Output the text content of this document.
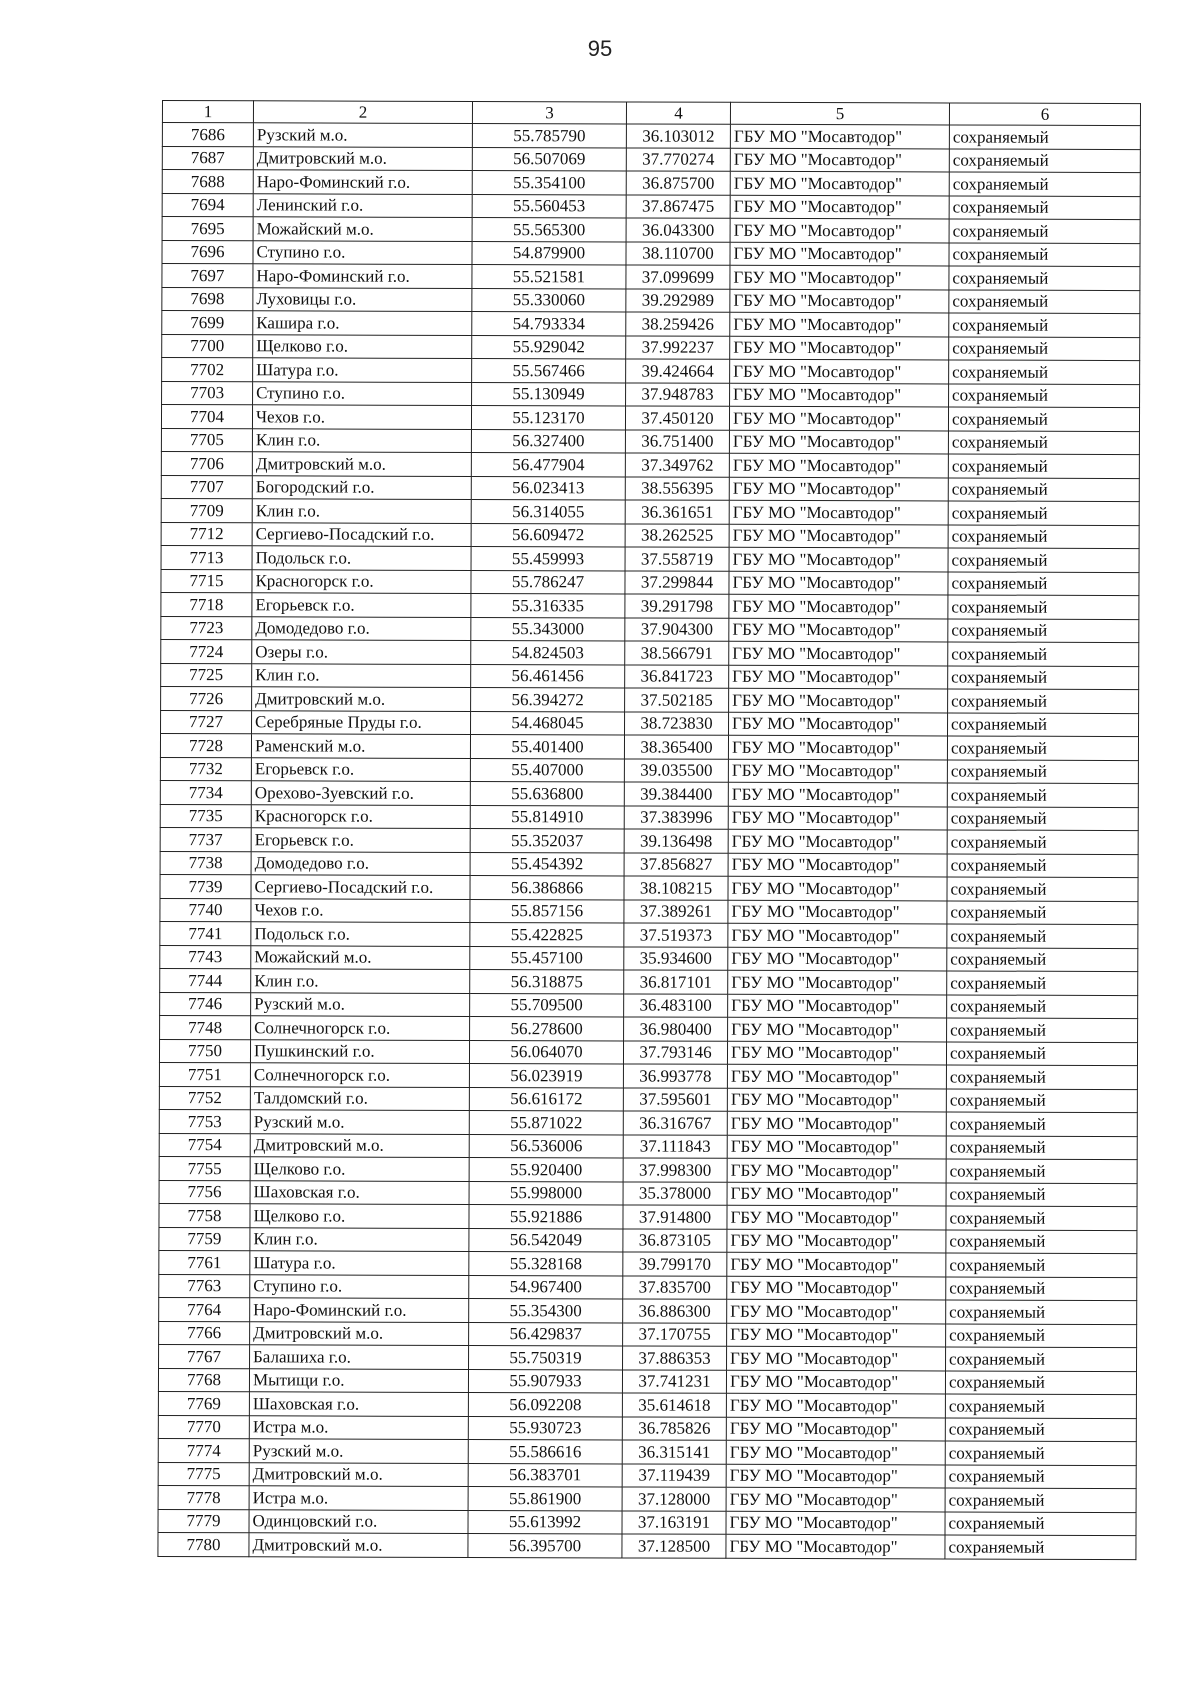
95
1	2	3	4	5	6
7686	Рузский м.о.	55.785790	36.103012	ГБУ МО "Мосавтодор"	сохраняемый
7687	Дмитровский м.о.	56.507069	37.770274	ГБУ МО "Мосавтодор"	сохраняемый
7688	Наро-Фоминский г.о.	55.354100	36.875700	ГБУ МО "Мосавтодор"	сохраняемый
7694	Ленинский г.о.	55.560453	37.867475	ГБУ МО "Мосавтодор"	сохраняемый
7695	Можайский м.о.	55.565300	36.043300	ГБУ МО "Мосавтодор"	сохраняемый
7696	Ступино г.о.	54.879900	38.110700	ГБУ МО "Мосавтодор"	сохраняемый
7697	Наро-Фоминский г.о.	55.521581	37.099699	ГБУ МО "Мосавтодор"	сохраняемый
7698	Луховицы г.о.	55.330060	39.292989	ГБУ МО "Мосавтодор"	сохраняемый
7699	Кашира г.о.	54.793334	38.259426	ГБУ МО "Мосавтодор"	сохраняемый
7700	Щелково г.о.	55.929042	37.992237	ГБУ МО "Мосавтодор"	сохраняемый
7702	Шатура г.о.	55.567466	39.424664	ГБУ МО "Мосавтодор"	сохраняемый
7703	Ступино г.о.	55.130949	37.948783	ГБУ МО "Мосавтодор"	сохраняемый
7704	Чехов г.о.	55.123170	37.450120	ГБУ МО "Мосавтодор"	сохраняемый
7705	Клин г.о.	56.327400	36.751400	ГБУ МО "Мосавтодор"	сохраняемый
7706	Дмитровский м.о.	56.477904	37.349762	ГБУ МО "Мосавтодор"	сохраняемый
7707	Богородский г.о.	56.023413	38.556395	ГБУ МО "Мосавтодор"	сохраняемый
7709	Клин г.о.	56.314055	36.361651	ГБУ МО "Мосавтодор"	сохраняемый
7712	Сергиево-Посадский г.о.	56.609472	38.262525	ГБУ МО "Мосавтодор"	сохраняемый
7713	Подольск г.о.	55.459993	37.558719	ГБУ МО "Мосавтодор"	сохраняемый
7715	Красногорск г.о.	55.786247	37.299844	ГБУ МО "Мосавтодор"	сохраняемый
7718	Егорьевск г.о.	55.316335	39.291798	ГБУ МО "Мосавтодор"	сохраняемый
7723	Домодедово г.о.	55.343000	37.904300	ГБУ МО "Мосавтодор"	сохраняемый
7724	Озеры г.о.	54.824503	38.566791	ГБУ МО "Мосавтодор"	сохраняемый
7725	Клин г.о.	56.461456	36.841723	ГБУ МО "Мосавтодор"	сохраняемый
7726	Дмитровский м.о.	56.394272	37.502185	ГБУ МО "Мосавтодор"	сохраняемый
7727	Серебряные Пруды г.о.	54.468045	38.723830	ГБУ МО "Мосавтодор"	сохраняемый
7728	Раменский м.о.	55.401400	38.365400	ГБУ МО "Мосавтодор"	сохраняемый
7732	Егорьевск г.о.	55.407000	39.035500	ГБУ МО "Мосавтодор"	сохраняемый
7734	Орехово-Зуевский г.о.	55.636800	39.384400	ГБУ МО "Мосавтодор"	сохраняемый
7735	Красногорск г.о.	55.814910	37.383996	ГБУ МО "Мосавтодор"	сохраняемый
7737	Егорьевск г.о.	55.352037	39.136498	ГБУ МО "Мосавтодор"	сохраняемый
7738	Домодедово г.о.	55.454392	37.856827	ГБУ МО "Мосавтодор"	сохраняемый
7739	Сергиево-Посадский г.о.	56.386866	38.108215	ГБУ МО "Мосавтодор"	сохраняемый
7740	Чехов г.о.	55.857156	37.389261	ГБУ МО "Мосавтодор"	сохраняемый
7741	Подольск г.о.	55.422825	37.519373	ГБУ МО "Мосавтодор"	сохраняемый
7743	Можайский м.о.	55.457100	35.934600	ГБУ МО "Мосавтодор"	сохраняемый
7744	Клин г.о.	56.318875	36.817101	ГБУ МО "Мосавтодор"	сохраняемый
7746	Рузский м.о.	55.709500	36.483100	ГБУ МО "Мосавтодор"	сохраняемый
7748	Солнечногорск г.о.	56.278600	36.980400	ГБУ МО "Мосавтодор"	сохраняемый
7750	Пушкинский г.о.	56.064070	37.793146	ГБУ МО "Мосавтодор"	сохраняемый
7751	Солнечногорск г.о.	56.023919	36.993778	ГБУ МО "Мосавтодор"	сохраняемый
7752	Талдомский г.о.	56.616172	37.595601	ГБУ МО "Мосавтодор"	сохраняемый
7753	Рузский м.о.	55.871022	36.316767	ГБУ МО "Мосавтодор"	сохраняемый
7754	Дмитровский м.о.	56.536006	37.111843	ГБУ МО "Мосавтодор"	сохраняемый
7755	Щелково г.о.	55.920400	37.998300	ГБУ МО "Мосавтодор"	сохраняемый
7756	Шаховская г.о.	55.998000	35.378000	ГБУ МО "Мосавтодор"	сохраняемый
7758	Щелково г.о.	55.921886	37.914800	ГБУ МО "Мосавтодор"	сохраняемый
7759	Клин г.о.	56.542049	36.873105	ГБУ МО "Мосавтодор"	сохраняемый
7761	Шатура г.о.	55.328168	39.799170	ГБУ МО "Мосавтодор"	сохраняемый
7763	Ступино г.о.	54.967400	37.835700	ГБУ МО "Мосавтодор"	сохраняемый
7764	Наро-Фоминский г.о.	55.354300	36.886300	ГБУ МО "Мосавтодор"	сохраняемый
7766	Дмитровский м.о.	56.429837	37.170755	ГБУ МО "Мосавтодор"	сохраняемый
7767	Балашиха г.о.	55.750319	37.886353	ГБУ МО "Мосавтодор"	сохраняемый
7768	Мытищи г.о.	55.907933	37.741231	ГБУ МО "Мосавтодор"	сохраняемый
7769	Шаховская г.о.	56.092208	35.614618	ГБУ МО "Мосавтодор"	сохраняемый
7770	Истра м.о.	55.930723	36.785826	ГБУ МО "Мосавтодор"	сохраняемый
7774	Рузский м.о.	55.586616	36.315141	ГБУ МО "Мосавтодор"	сохраняемый
7775	Дмитровский м.о.	56.383701	37.119439	ГБУ МО "Мосавтодор"	сохраняемый
7778	Истра м.о.	55.861900	37.128000	ГБУ МО "Мосавтодор"	сохраняемый
7779	Одинцовский г.о.	55.613992	37.163191	ГБУ МО "Мосавтодор"	сохраняемый
7780	Дмитровский м.о.	56.395700	37.128500	ГБУ МО "Мосавтодор"	сохраняемый
